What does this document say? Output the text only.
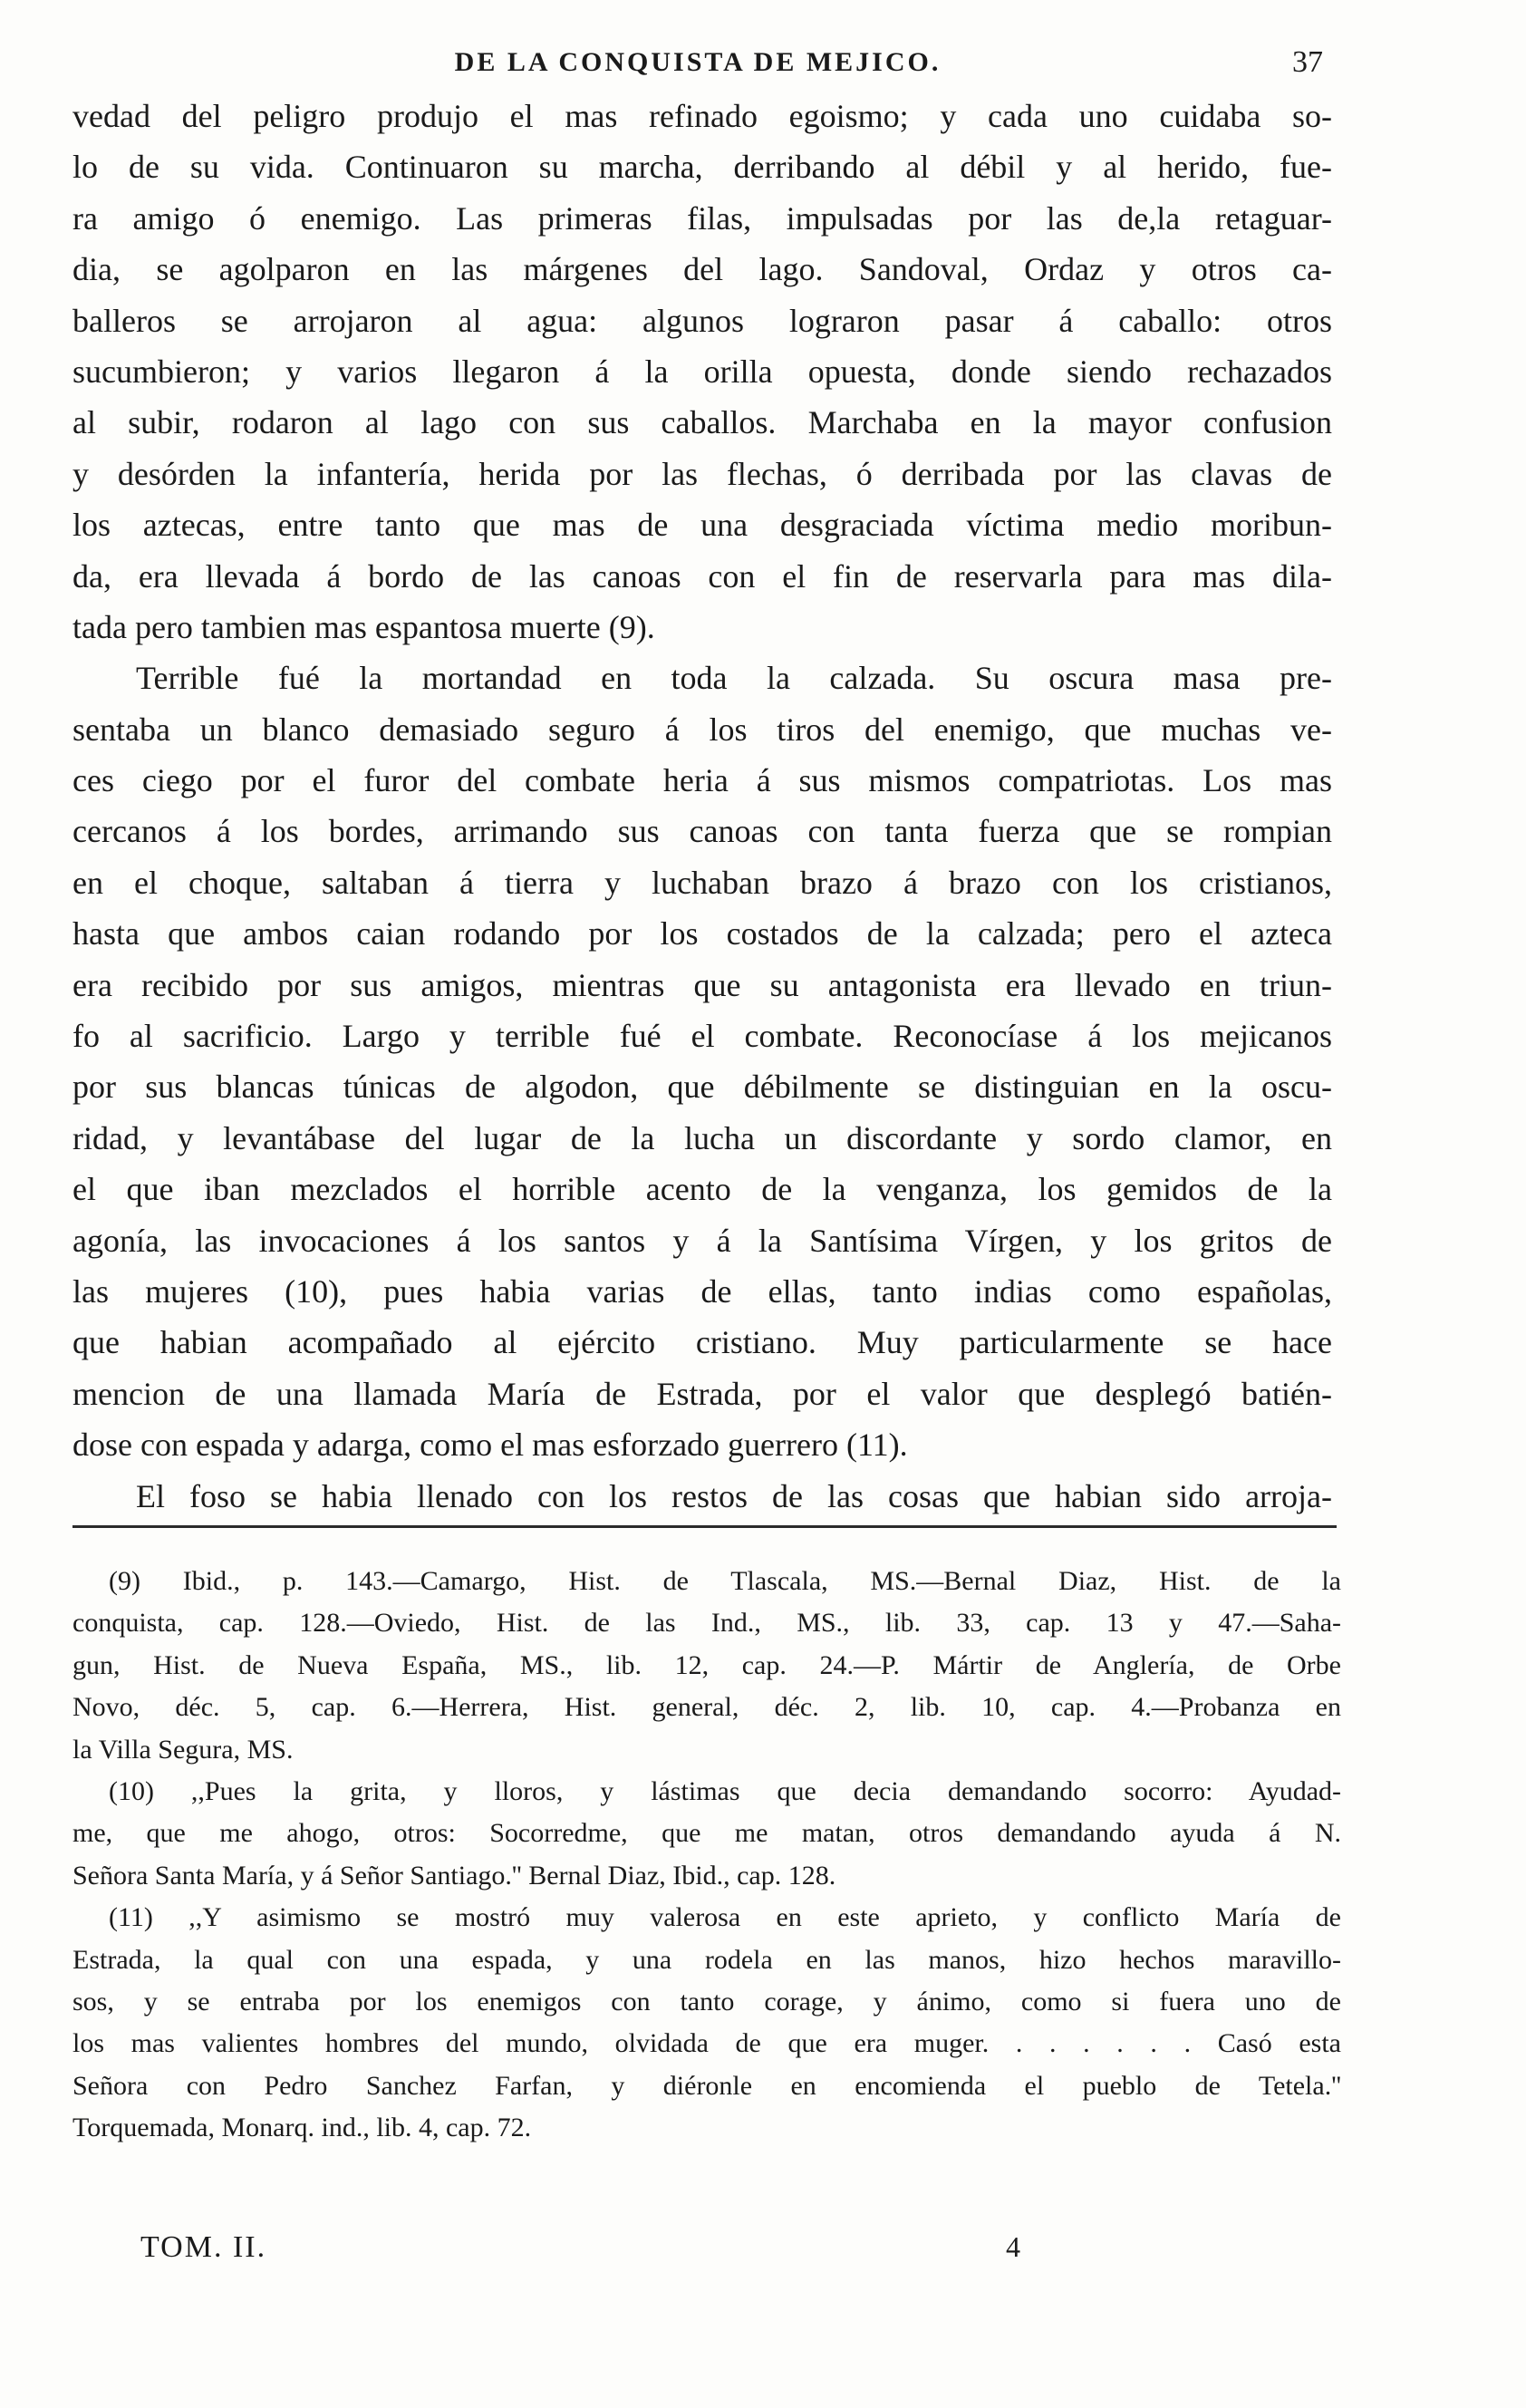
DE LA CONQUISTA DE MEJICO.	37
vedad del peligro produjo el mas refinado egoismo; y cada uno cuidaba so-
lo de su vida. Continuaron su marcha, derribando al débil y al herido, fue-
ra amigo ó enemigo. Las primeras filas, impulsadas por las de,la retaguar-
dia, se agolparon en las márgenes del lago. Sandoval, Ordaz y otros ca-
balleros se arrojaron al agua: algunos lograron pasar á caballo: otros
sucumbieron; y varios llegaron á la orilla opuesta, donde siendo rechazados
al subir, rodaron al lago con sus caballos. Marchaba en la mayor confusion
y desórden la infantería, herida por las flechas, ó derribada por las clavas de
los aztecas, entre tanto que mas de una desgraciada víctima medio moribun-
da, era llevada á bordo de las canoas con el fin de reservarla para mas dila-
tada pero tambien mas espantosa muerte (9).
Terrible fué la mortandad en toda la calzada. Su oscura masa pre-
sentaba un blanco demasiado seguro á los tiros del enemigo, que muchas ve-
ces ciego por el furor del combate heria á sus mismos compatriotas. Los mas
cercanos á los bordes, arrimando sus canoas con tanta fuerza que se rompian
en el choque, saltaban á tierra y luchaban brazo á brazo con los cristianos,
hasta que ambos caian rodando por los costados de la calzada; pero el azteca
era recibido por sus amigos, mientras que su antagonista era llevado en triun-
fo al sacrificio. Largo y terrible fué el combate. Reconocíase á los mejicanos
por sus blancas túnicas de algodon, que débilmente se distinguian en la oscu-
ridad, y levantábase del lugar de la lucha un discordante y sordo clamor, en
el que iban mezclados el horrible acento de la venganza, los gemidos de la
agonía, las invocaciones á los santos y á la Santísima Vírgen, y los gritos de
las mujeres (10), pues habia varias de ellas, tanto indias como españolas,
que habian acompañado al ejército cristiano. Muy particularmente se hace
mencion de una llamada María de Estrada, por el valor que desplegó batién-
dose con espada y adarga, como el mas esforzado guerrero (11).
El foso se habia llenado con los restos de las cosas que habian sido arroja-
(9) Ibid., p. 143.—Camargo, Hist. de Tlascala, MS.—Bernal Diaz, Hist. de la
conquista, cap. 128.—Oviedo, Hist. de las Ind., MS., lib. 33, cap. 13 y 47.—Saha-
gun, Hist. de Nueva España, MS., lib. 12, cap. 24.—P. Mártir de Anglería, de Orbe
Novo, déc. 5, cap. 6.—Herrera, Hist. general, déc. 2, lib. 10, cap. 4.—Probanza en
la Villa Segura, MS.
(10) ,,Pues la grita, y lloros, y lástimas que decia demandando socorro: Ayudad-
me, que me ahogo, otros: Socorredme, que me matan, otros demandando ayuda á N.
Señora Santa María, y á Señor Santiago.'' Bernal Diaz, Ibid., cap. 128.
(11) ,,Y asimismo se mostró muy valerosa en este aprieto, y conflicto María de
Estrada, la qual con una espada, y una rodela en las manos, hizo hechos maravillo-
sos, y se entraba por los enemigos con tanto corage, y ánimo, como si fuera uno de
los mas valientes hombres del mundo, olvidada de que era muger. . . . . . . Casó esta
Señora con Pedro Sanchez Farfan, y diéronle en encomienda el pueblo de Tetela.''
Torquemada, Monarq. ind., lib. 4, cap. 72.
TOM. II.	4
